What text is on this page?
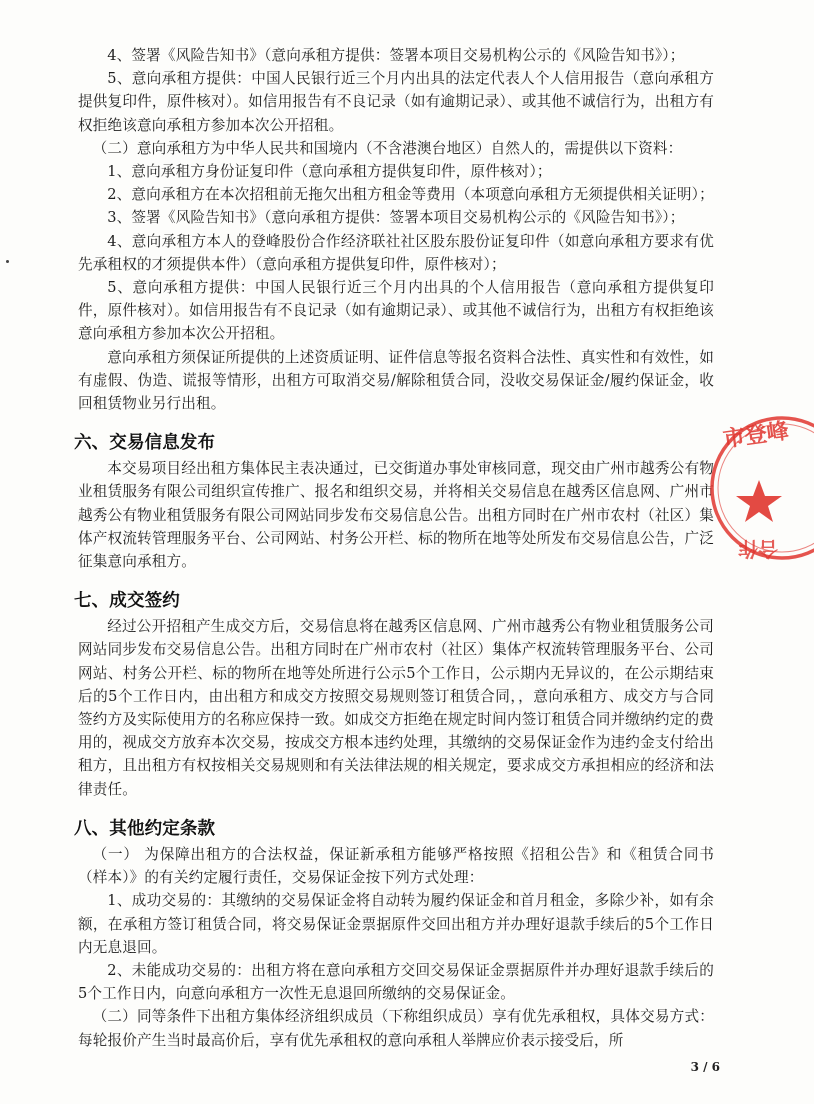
4、签署《风险告知书》（意向承租方提供：签署本项目交易机构公示的《风险告知书》）；

5、意向承租方提供：中国人民银行近三个月内出具的法定代表人个人信用报告（意向承租方提供复印件，原件核对）。如信用报告有不良记录（如有逾期记录）、或其他不诚信行为，出租方有权拒绝该意向承租方参加本次公开招租。

（二）意向承租方为中华人民共和国境内（不含港澳台地区）自然人的，需提供以下资料：

1、意向承租方身份证复印件（意向承租方提供复印件，原件核对）；

2、意向承租方在本次招租前无拖欠出租方租金等费用（本项意向承租方无须提供相关证明）；

3、签署《风险告知书》（意向承租方提供：签署本项目交易机构公示的《风险告知书》）；

4、意向承租方本人的登峰股份合作经济联社社区股东股份证复印件（如意向承租方要求有优先承租权的才须提供本件）（意向承租方提供复印件，原件核对）；

5、意向承租方提供：中国人民银行近三个月内出具的个人信用报告（意向承租方提供复印件，原件核对）。如信用报告有不良记录（如有逾期记录）、或其他不诚信行为，出租方有权拒绝该意向承租方参加本次公开招租。

意向承租方须保证所提供的上述资质证明、证件信息等报名资料合法性、真实性和有效性，如有虚假、伪造、谎报等情形，出租方可取消交易/解除租赁合同，没收交易保证金/履约保证金，收回租赁物业另行出租。

六、交易信息发布

本交易项目经出租方集体民主表决通过，已交街道办事处审核同意，现交由广州市越秀公有物业租赁服务有限公司组织宣传推广、报名和组织交易，并将相关交易信息在越秀区信息网、广州市越秀公有物业租赁服务有限公司网站同步发布交易信息公告。出租方同时在广州市农村（社区）集体产权流转管理服务平台、公司网站、村务公开栏、标的物所在地等处所发布交易信息公告，广泛征集意向承租方。

七、成交签约

经过公开招租产生成交方后，交易信息将在越秀区信息网、广州市越秀公有物业租赁服务公司网站同步发布交易信息公告。出租方同时在广州市农村（社区）集体产权流转管理服务平台、公司网站、村务公开栏、标的物所在地等处所进行公示5个工作日，公示期内无异议的，在公示期结束后的5个工作日内，由出租方和成交方按照交易规则签订租赁合同，，意向承租方、成交方与合同签约方及实际使用方的名称应保持一致。如成交方拒绝在规定时间内签订租赁合同并缴纳约定的费用的，视成交方放弃本次交易，按成交方根本违约处理，其缴纳的交易保证金作为违约金支付给出租方，且出租方有权按相关交易规则和有关法律法规的相关规定，要求成交方承担相应的经济和法律责任。

八、其他约定条款

（一） 为保障出租方的合法权益，保证新承租方能够严格按照《招租公告》和《租赁合同书（样本）》的有关约定履行责任，交易保证金按下列方式处理：

1、成功交易的：其缴纳的交易保证金将自动转为履约保证金和首月租金，多除少补，如有余额，在承租方签订租赁合同，将交易保证金票据原件交回出租方并办理好退款手续后的5个工作日内无息退回。

2、未能成功交易的：出租方将在意向承租方交回交易保证金票据原件并办理好退款手续后的5个工作日内，向意向承租方一次性无息退回所缴纳的交易保证金。

（二）同等条件下出租方集体经济组织成员（下称组织成员）享有优先承租权，具体交易方式：每轮报价产生当时最高价后，享有优先承租权的意向承租人举牌应价表示接受后，所

3 / 6
市登峰
合作
